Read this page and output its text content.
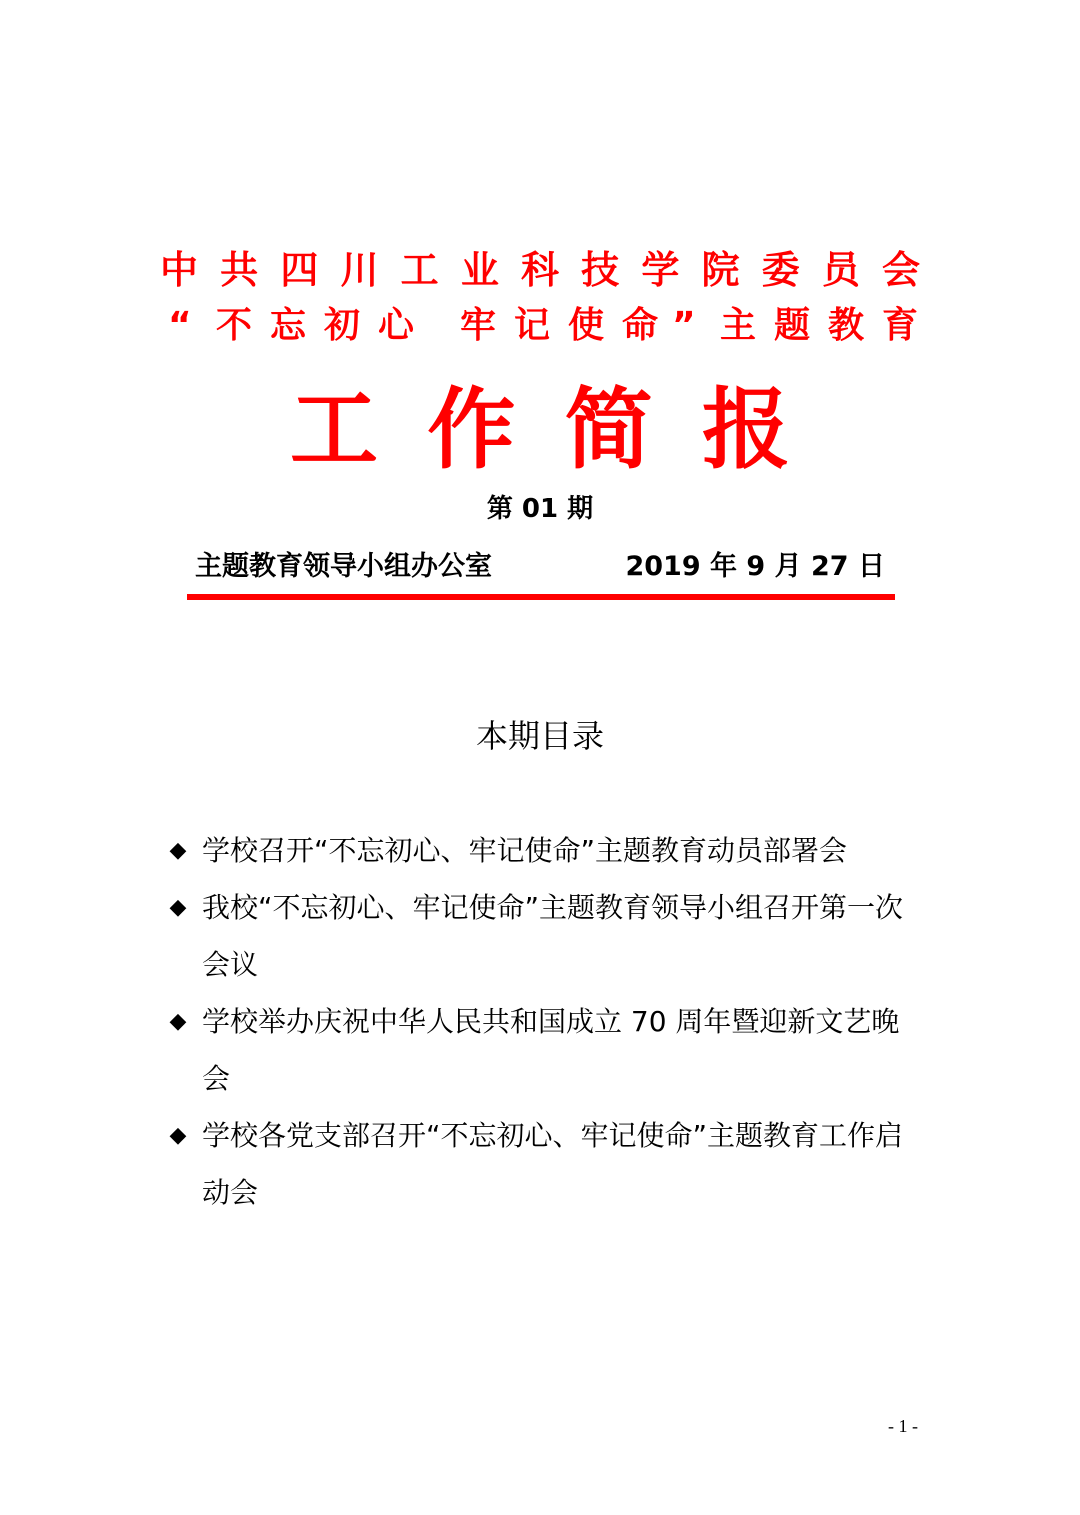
中 共 四 川 工 业 科 技 学 院 委 员 会
“ 不 忘 初 心 牢 记 使 命 ” 主 题 教 育
工 作 简 报
第 01 期
主题教育领导小组办公室	2019 年 9 月 27 日
本期目录
◆ 学校召开“不忘初心、牢记使命”主题教育动员部署会
◆ 我校“不忘初心、牢记使命”主题教育领导小组召开第一次会议
◆ 学校举办庆祝中华人民共和国成立 70 周年暨迎新文艺晚会
◆ 学校各党支部召开“不忘初心、牢记使命”主题教育工作启动会
- 1 -
